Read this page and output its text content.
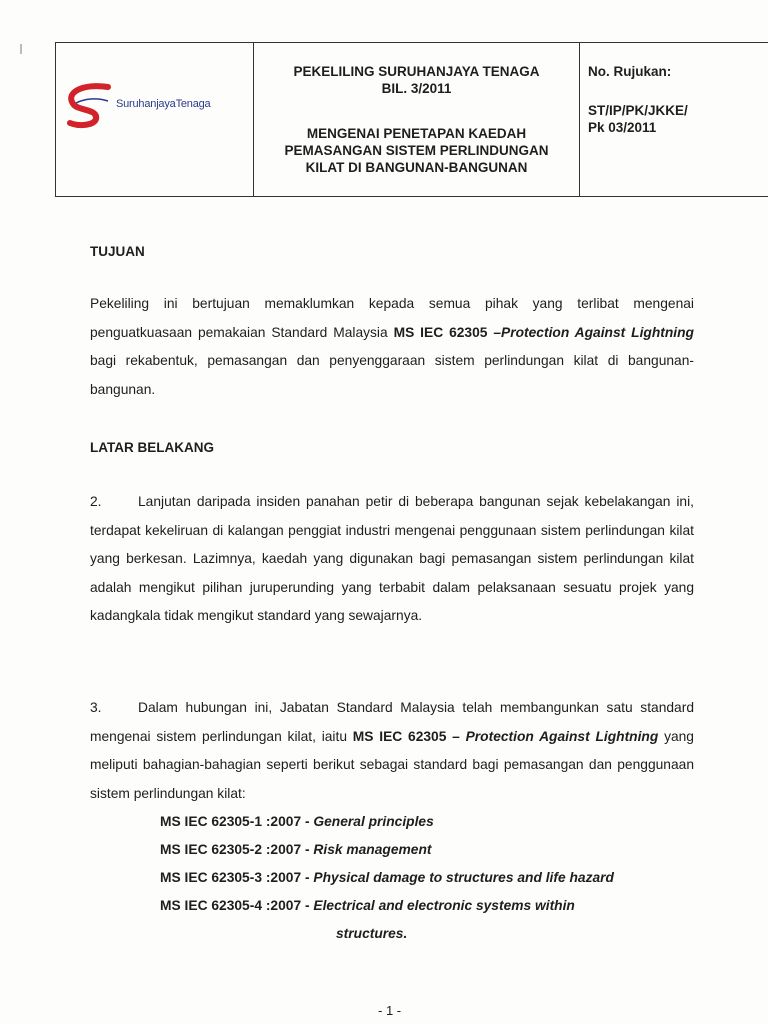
SuruhanjayaTenaga
PEKELILING SURUHANJAYA TENAGA
BIL. 3/2011
MENGENAI PENETAPAN KAEDAH
PEMASANGAN SISTEM PERLINDUNGAN
KILAT DI BANGUNAN-BANGUNAN
No. Rujukan:
ST/IP/PK/JKKE/
Pk 03/2011
TUJUAN

Pekeliling ini bertujuan memaklumkan kepada semua pihak yang terlibat mengenai penguatkuasaan pemakaian Standard Malaysia MS IEC 62305 –Protection Against Lightning bagi rekabentuk, pemasangan dan penyenggaraan sistem perlindungan kilat di bangunan-bangunan.

LATAR BELAKANG

2.	Lanjutan daripada insiden panahan petir di beberapa bangunan sejak kebelakangan ini, terdapat kekeliruan di kalangan penggiat industri mengenai penggunaan sistem perlindungan kilat yang berkesan. Lazimnya, kaedah yang digunakan bagi pemasangan sistem perlindungan kilat adalah mengikut pilihan juruperunding yang terbabit dalam pelaksanaan sesuatu projek yang kadangkala tidak mengikut standard yang sewajarnya.

3.	Dalam hubungan ini, Jabatan Standard Malaysia telah membangunkan satu standard mengenai sistem perlindungan kilat, iaitu MS IEC 62305 – Protection Against Lightning yang meliputi bahagian-bahagian seperti berikut sebagai standard bagi pemasangan dan penggunaan sistem perlindungan kilat:

MS IEC 62305-1 :2007 - General principles
MS IEC 62305-2 :2007 - Risk management
MS IEC 62305-3 :2007 - Physical damage to structures and life hazard
MS IEC 62305-4 :2007 - Electrical and electronic systems within
structures.
- 1 -
